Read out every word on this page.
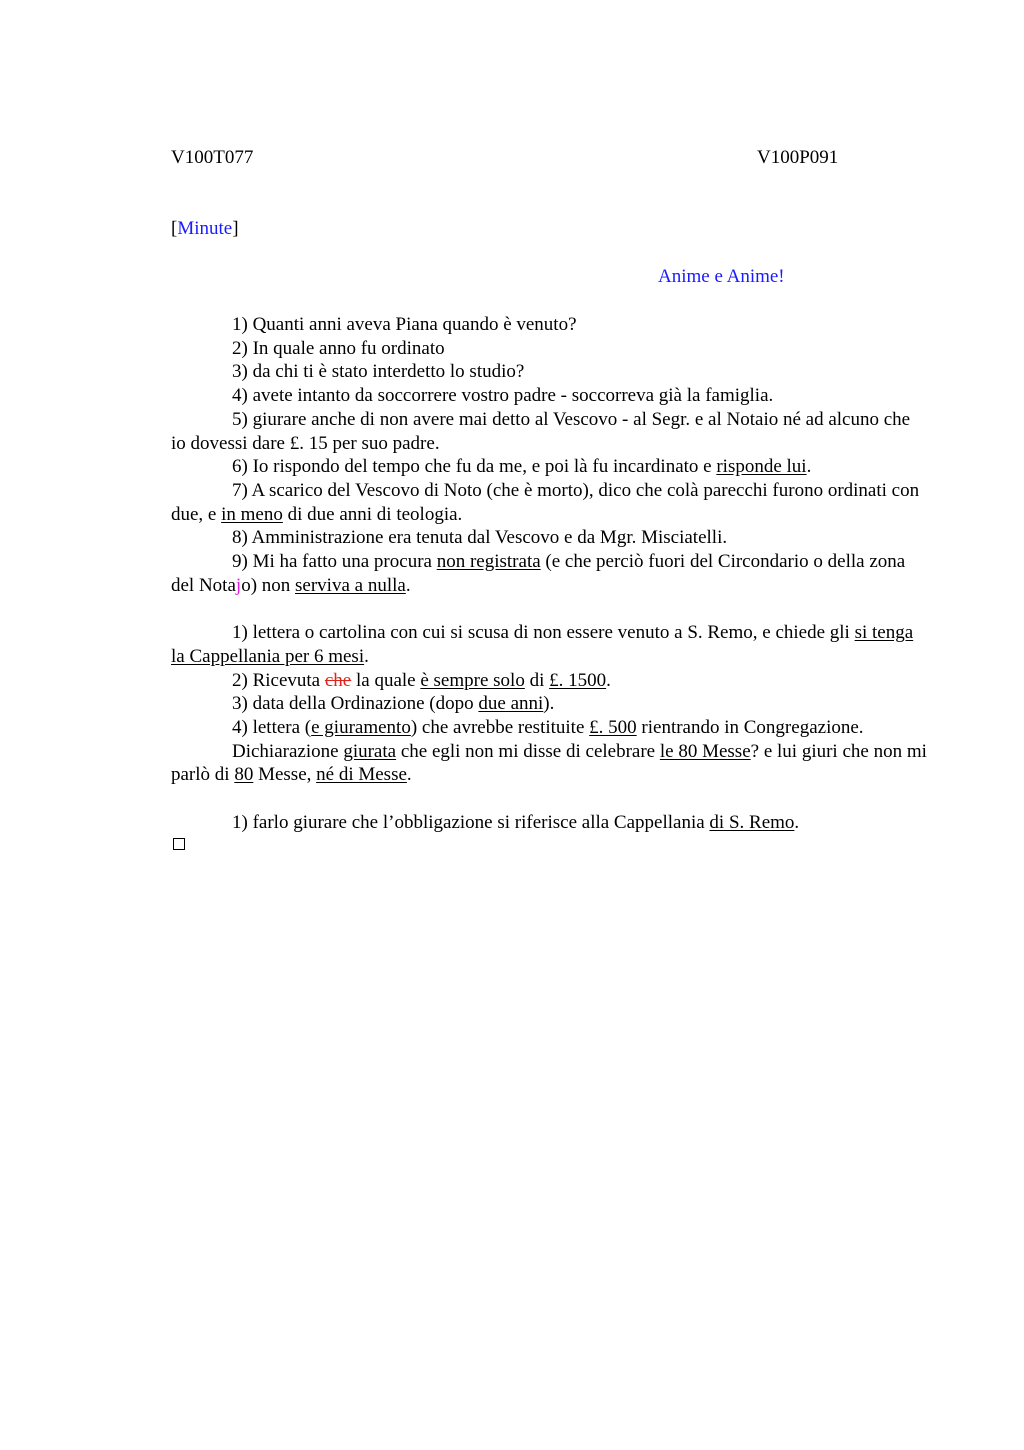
V100T077	V100P091
[Minute]
Anime e Anime!

1) Quanti anni aveva Piana quando è venuto?

2) In quale anno fu ordinato

3) da chi ti è stato interdetto lo studio?

4) avete intanto da soccorrere vostro padre - soccorreva già la famiglia.

5) giurare anche di non avere mai detto al Vescovo - al Segr. e al Notaio né ad alcuno che io dovessi dare £. 15 per suo padre.

6) Io rispondo del tempo che fu da me, e poi là fu incardinato e risponde lui.

7) A scarico del Vescovo di Noto (che è morto), dico che colà parecchi furono ordinati con due, e in meno di due anni di teologia.

8) Amministrazione era tenuta dal Vescovo e da Mgr. Misciatelli.

9) Mi ha fatto una procura non registrata (e che perciò fuori del Circondario o della zona del Notajo) non serviva a nulla.

1) lettera o cartolina con cui si scusa di non essere venuto a S. Remo, e chiede gli si tenga la Cappellania per 6 mesi.

2) Ricevuta che la quale è sempre solo di £. 1500.

3) data della Ordinazione (dopo due anni).

4) lettera (e giuramento) che avrebbe restituite £. 500 rientrando in Congregazione.

Dichiarazione giurata che egli non mi disse di celebrare le 80 Messe? e lui giuri che non mi parlò di 80 Messe, né di Messe.

1) farlo giurare che l’obbligazione si riferisce alla Cappellania di S. Remo.
